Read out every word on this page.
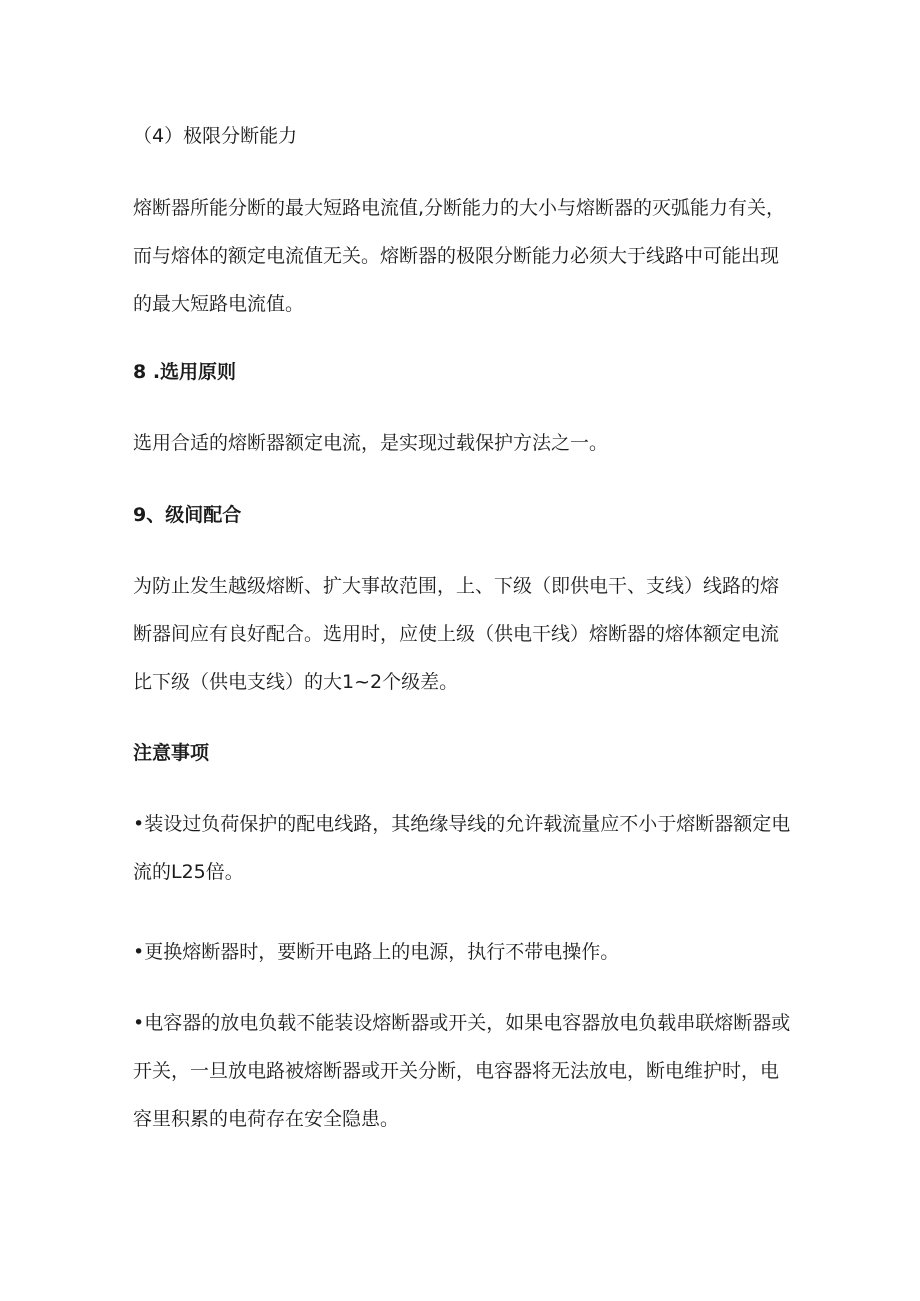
（4）极限分断能力

熔断器所能分断的最大短路电流值,分断能力的大小与熔断器的灭弧能力有关，而与熔体的额定电流值无关。熔断器的极限分断能力必须大于线路中可能出现的最大短路电流值。

8 .选用原则

选用合适的熔断器额定电流，是实现过载保护方法之一。

9、级间配合

为防止发生越级熔断、扩大事故范围，上、下级（即供电干、支线）线路的熔断器间应有良好配合。选用时，应使上级（供电干线）熔断器的熔体额定电流比下级（供电支线）的大1~2个级差。

注意事项

•装设过负荷保护的配电线路，其绝缘导线的允许载流量应不小于熔断器额定电流的L25倍。

•更换熔断器时，要断开电路上的电源，执行不带电操作。

•电容器的放电负载不能装设熔断器或开关，如果电容器放电负载串联熔断器或开关，一旦放电路被熔断器或开关分断，电容器将无法放电，断电维护时，电容里积累的电荷存在安全隐患。
